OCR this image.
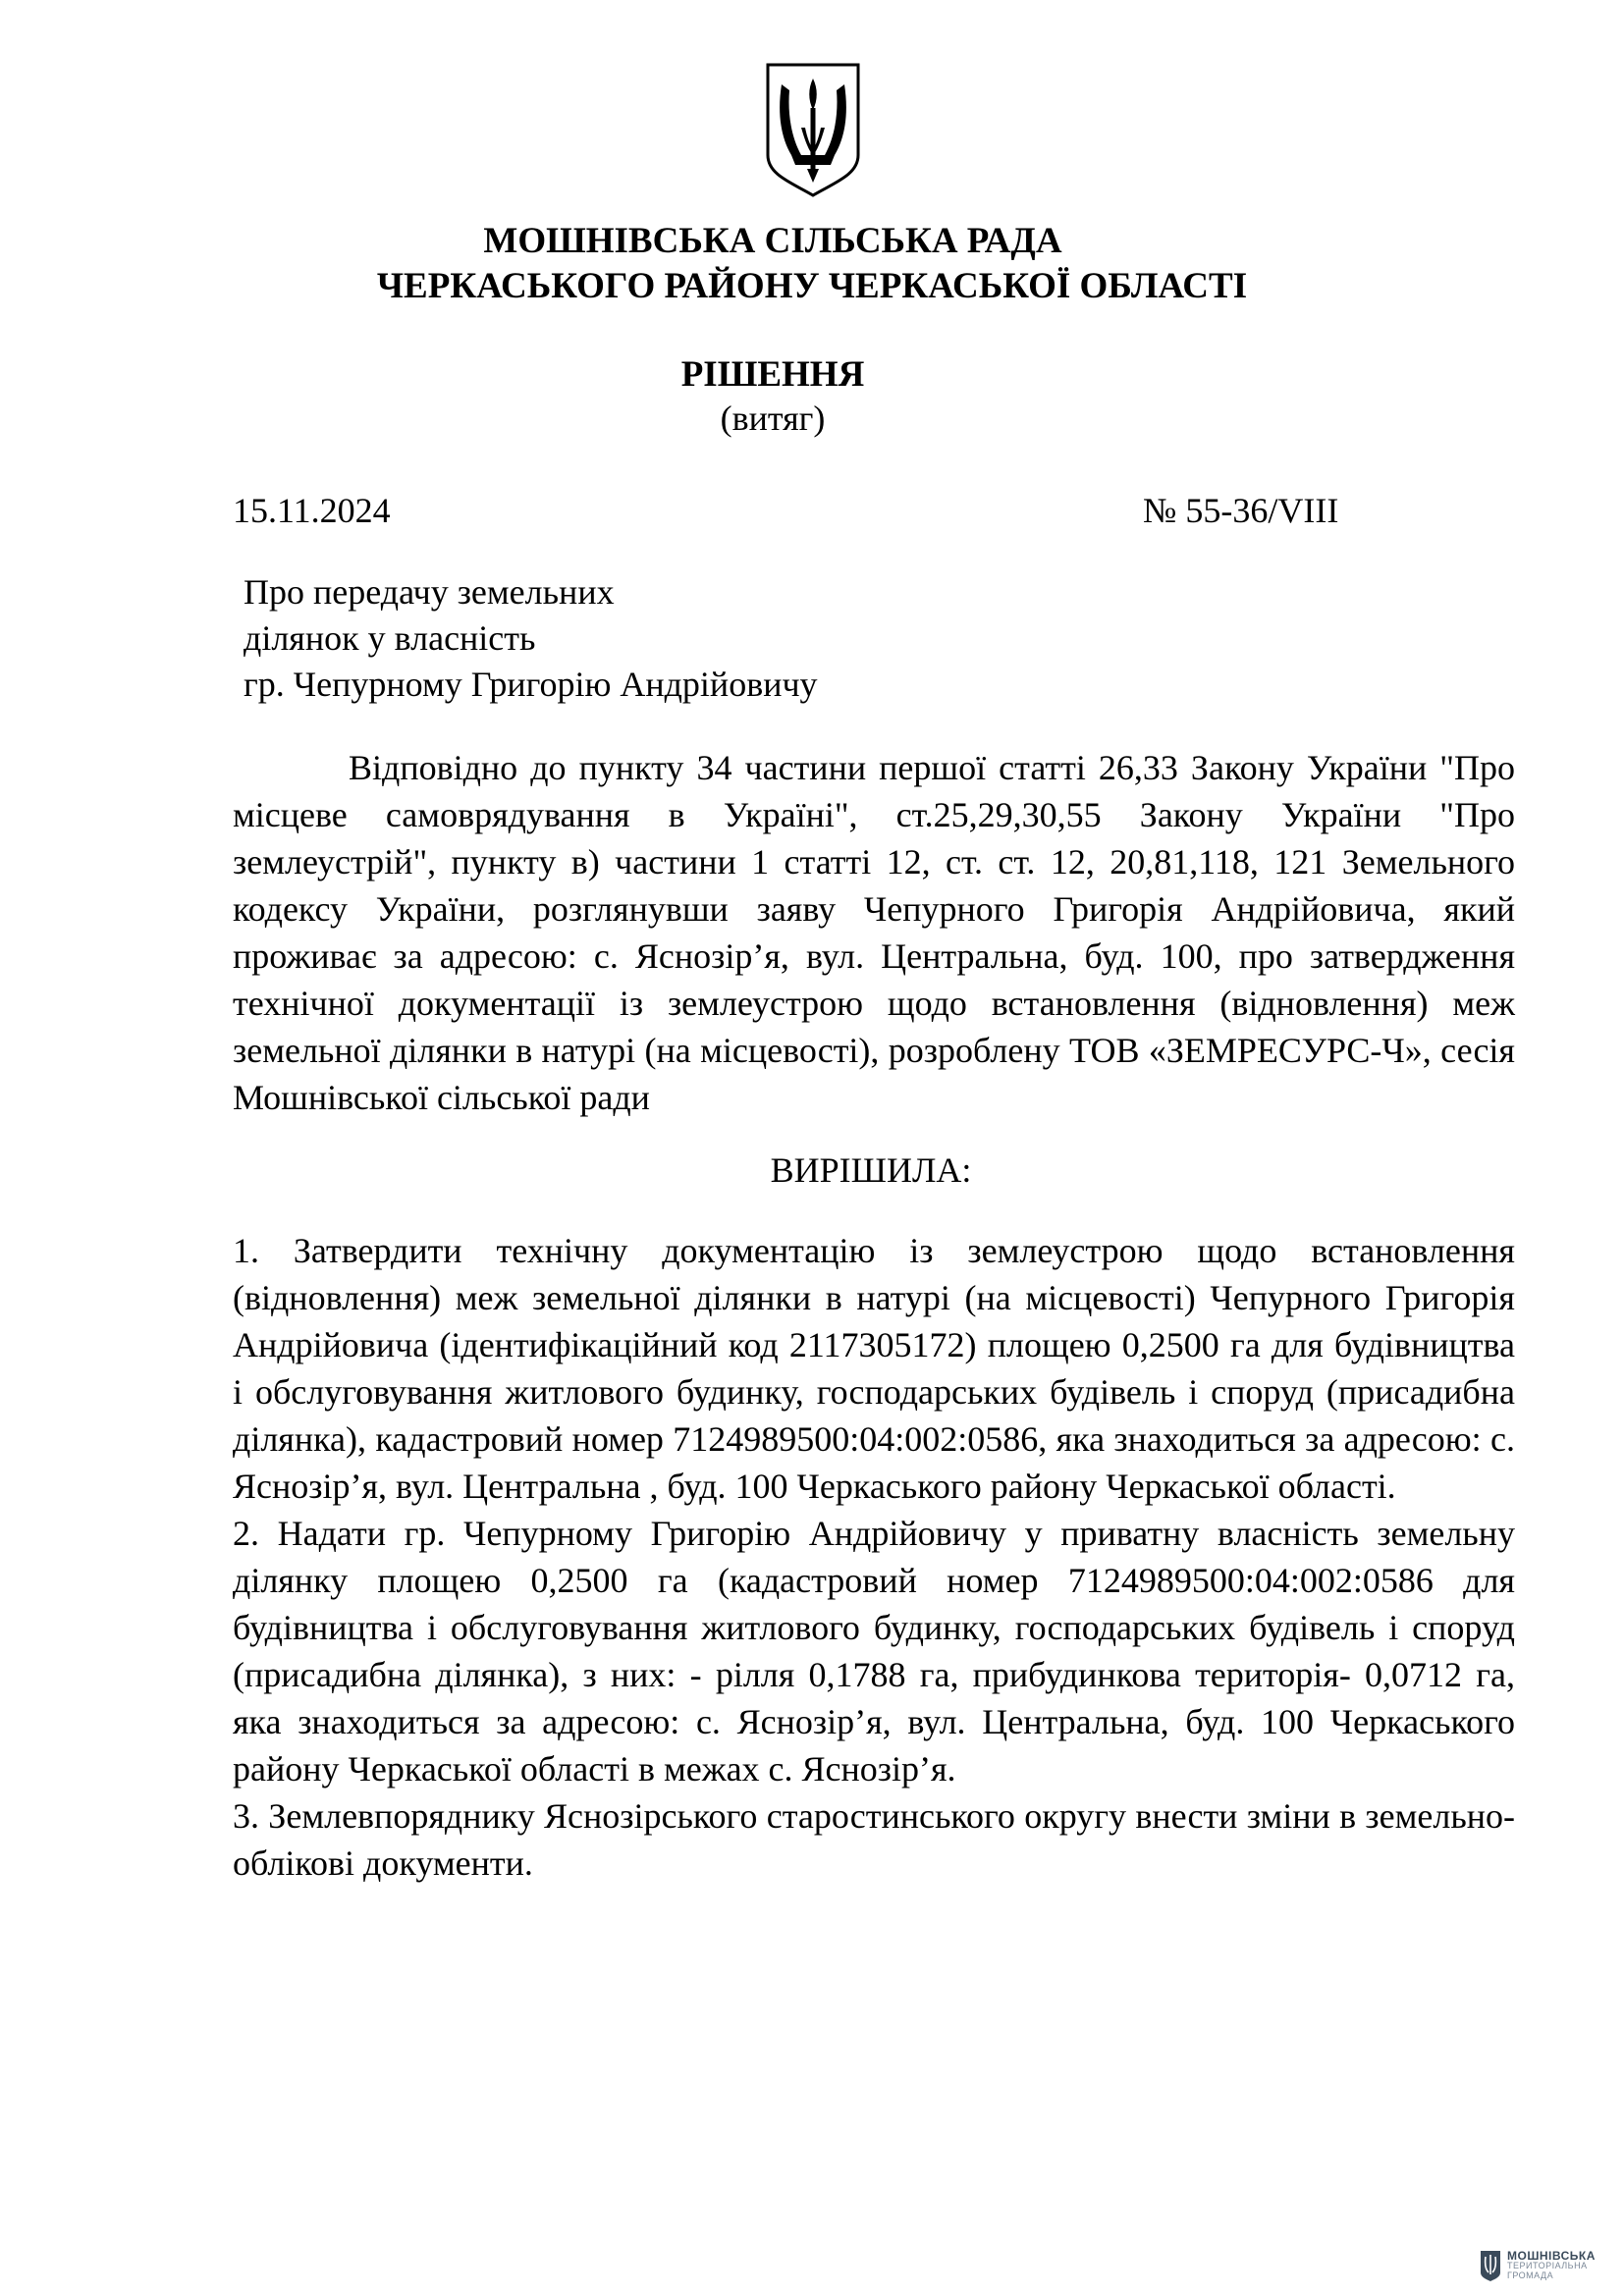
МОШНІВСЬКА СІЛЬСЬКА РАДА
ЧЕРКАСЬКОГО РАЙОНУ ЧЕРКАСЬКОЇ ОБЛАСТІ
РІШЕННЯ
(витяг)
15.11.2024	№ 55-36/VIII
Про передачу земельних
ділянок у власність
гр. Чепурному Григорію Андрійовичу
Відповідно до пункту 34 частини першої статті 26,33 Закону України "Про місцеве самоврядування в Україні", ст.25,29,30,55 Закону України "Про землеустрій", пункту в) частини 1 статті 12, ст. ст. 12, 20,81,118, 121 Земельного кодексу України, розглянувши заяву Чепурного Григорія Андрійовича, який проживає за адресою: с. Яснозір’я, вул. Центральна, буд. 100, про затвердження технічної документації із землеустрою щодо встановлення (відновлення) меж земельної ділянки в натурі (на місцевості), розроблену ТОВ «ЗЕМРЕСУРС-Ч», сесія Мошнівської сільської ради
ВИРІШИЛА:

1. Затвердити технічну документацію із землеустрою щодо встановлення (відновлення) меж земельної ділянки в натурі (на місцевості) Чепурного Григорія Андрійовича (ідентифікаційний код 2117305172) площею 0,2500 га для будівництва і обслуговування житлового будинку, господарських будівель і споруд (присадибна ділянка), кадастровий номер 7124989500:04:002:0586, яка знаходиться за адресою: с. Яснозір’я, вул. Центральна , буд. 100 Черкаського району Черкаської області.

2. Надати гр. Чепурному Григорію Андрійовичу у приватну власність земельну ділянку площею 0,2500 га (кадастровий номер 7124989500:04:002:0586 для будівництва і обслуговування житлового будинку, господарських будівель і споруд (присадибна ділянка), з них: - рілля 0,1788 га, прибудинкова територія- 0,0712 га, яка знаходиться за адресою: с. Яснозір’я, вул. Центральна, буд. 100 Черкаського району Черкаської області в межах с. Яснозір’я.

3. Землевпоряднику Яснозірського старостинського округу внести зміни в земельно-облікові документи.

МОШНІВСЬКА
ТЕРИТОРІАЛЬНА
ГРОМАДА
